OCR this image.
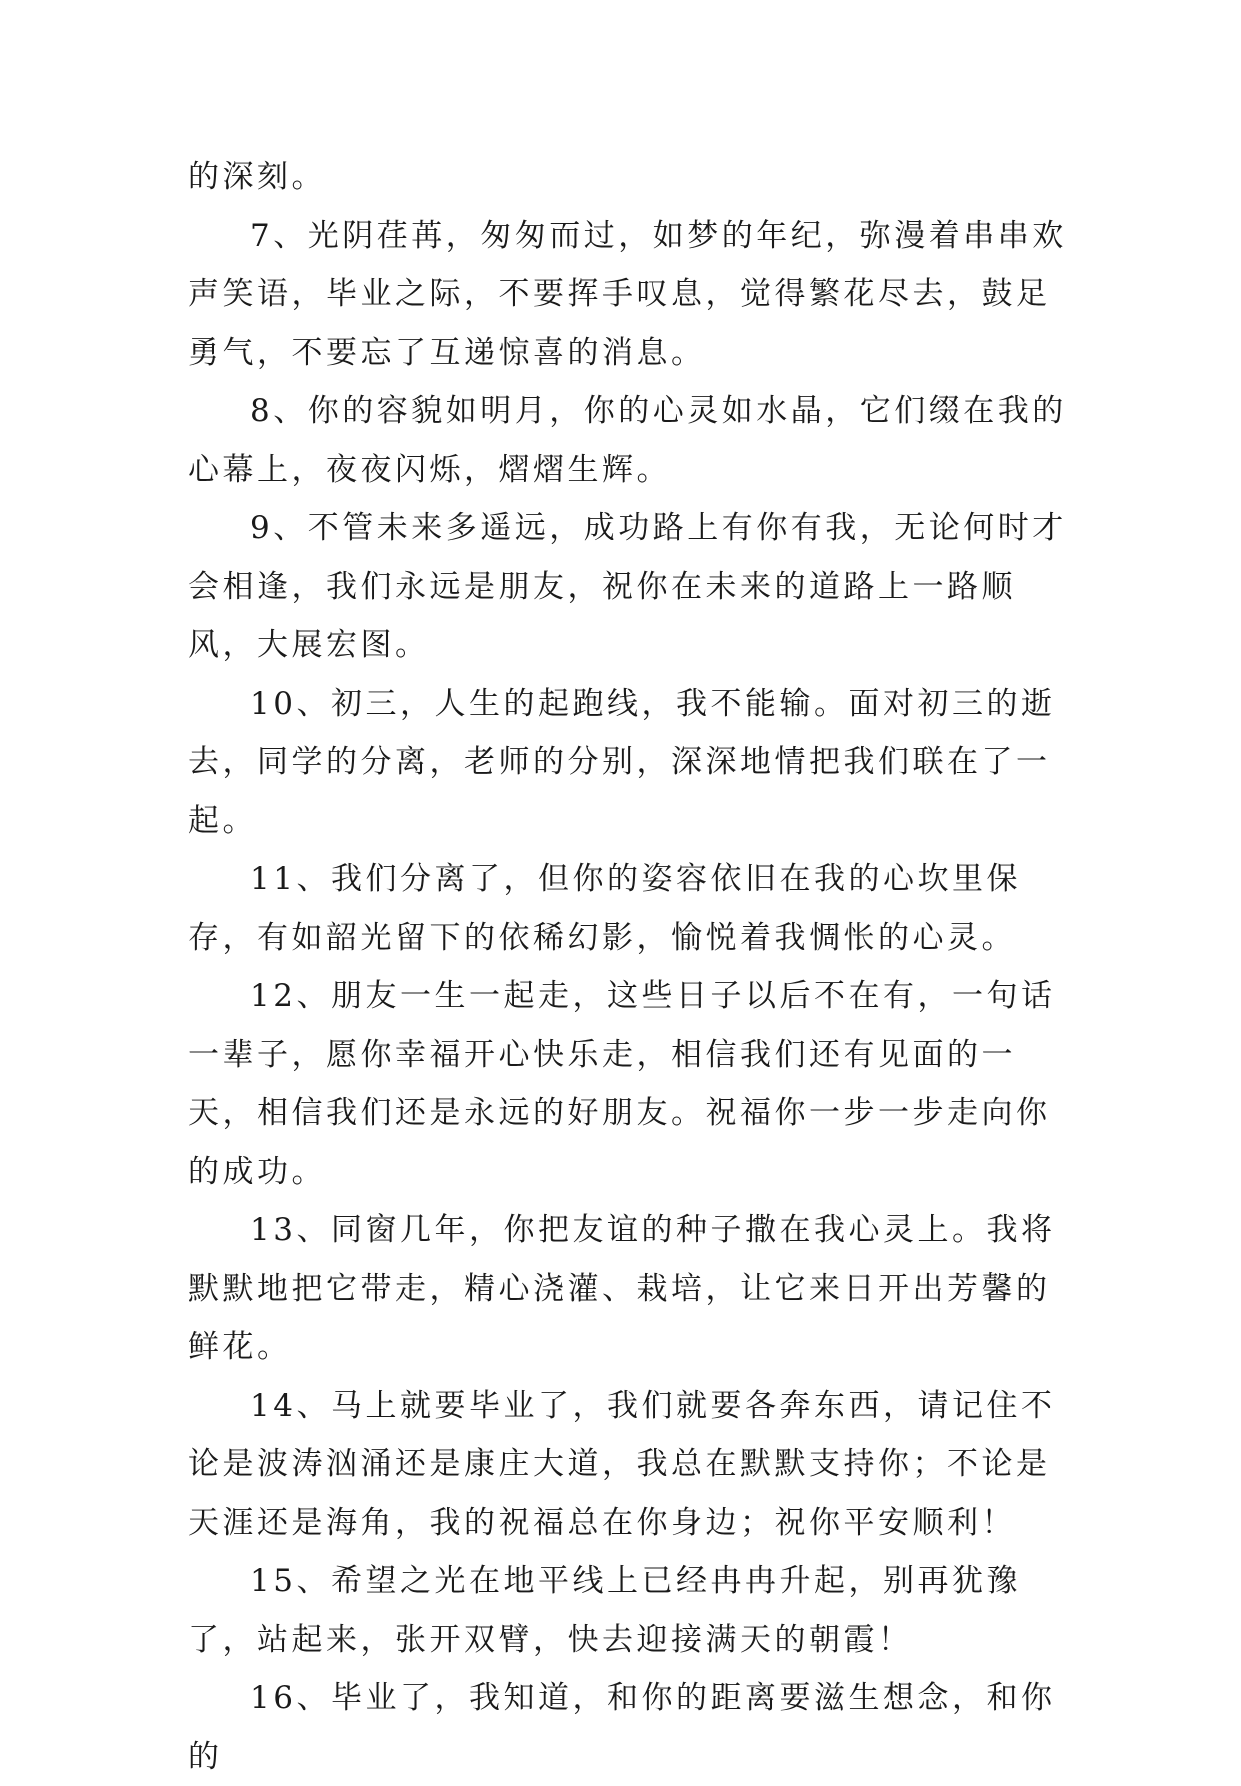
的深刻。

7、光阴荏苒，匆匆而过，如梦的年纪，弥漫着串串欢声笑语，毕业之际，不要挥手叹息，觉得繁花尽去，鼓足勇气，不要忘了互递惊喜的消息。

8、你的容貌如明月，你的心灵如水晶，它们缀在我的心幕上，夜夜闪烁，熠熠生辉。

9、不管未来多遥远，成功路上有你有我，无论何时才会相逢，我们永远是朋友，祝你在未来的道路上一路顺风，大展宏图。

10、初三，人生的起跑线，我不能输。面对初三的逝去，同学的分离，老师的分别，深深地情把我们联在了一起。

11、我们分离了，但你的姿容依旧在我的心坎里保存，有如韶光留下的依稀幻影，愉悦着我惆怅的心灵。

12、朋友一生一起走，这些日子以后不在有，一句话一辈子，愿你幸福开心快乐走，相信我们还有见面的一天，相信我们还是永远的好朋友。祝福你一步一步走向你的成功。

13、同窗几年，你把友谊的种子撒在我心灵上。我将默默地把它带走，精心浇灌、栽培，让它来日开出芳馨的鲜花。

14、马上就要毕业了，我们就要各奔东西，请记住不论是波涛汹涌还是康庄大道，我总在默默支持你；不论是天涯还是海角，我的祝福总在你身边；祝你平安顺利！

15、希望之光在地平线上已经冉冉升起，别再犹豫了，站起来，张开双臂，快去迎接满天的朝霞！

16、毕业了，我知道，和你的距离要滋生想念，和你的
